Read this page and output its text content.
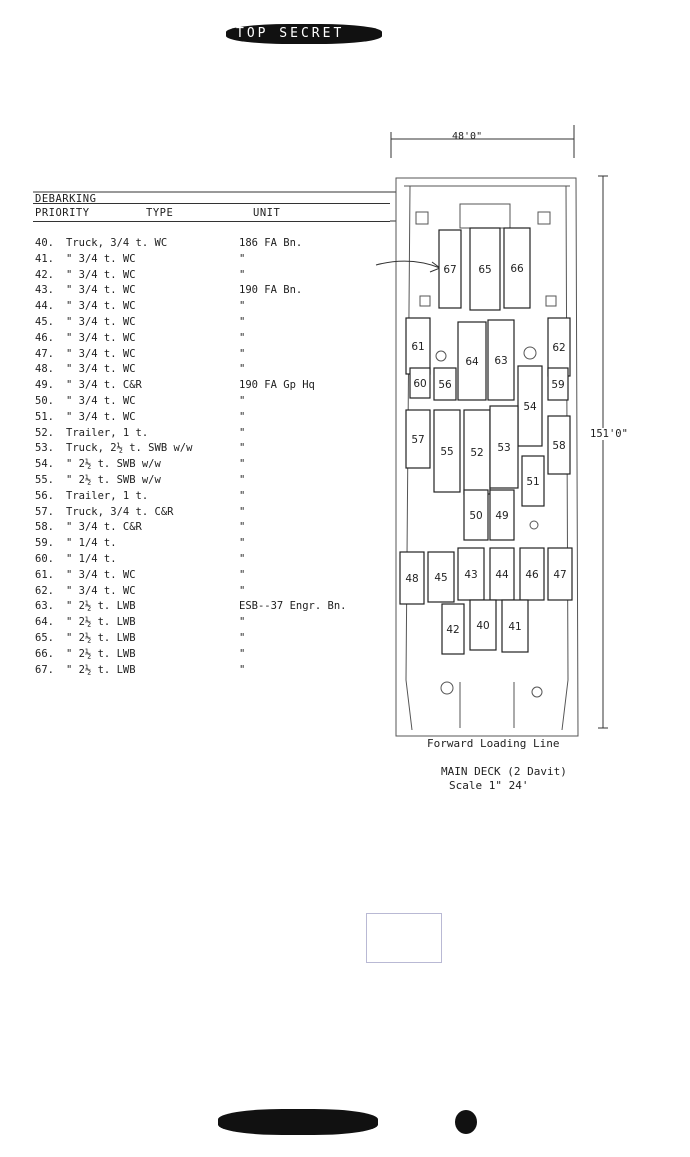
TOP SECRET
DEBARKING
PRIORITY	TYPE	UNIT
40. Truck, 3/4 t. WC	186 FA Bn.
41. " 3/4 t. WC	"
42. " 3/4 t. WC	"
43. " 3/4 t. WC	190 FA Bn.
44. " 3/4 t. WC	"
45. " 3/4 t. WC	"
46. " 3/4 t. WC	"
47. " 3/4 t. WC	"
48. " 3/4 t. WC	"
49. " 3/4 t. C&R	190 FA Gp Hq
50. " 3/4 t. WC	"
51. " 3/4 t. WC	"
52. Trailer, 1 t.	"
53. Truck, 2½ t. SWB w/w	"
54. " 2½ t. SWB w/w	"
55. " 2½ t. SWB w/w	"
56. Trailer, 1 t.	"
57. Truck, 3/4 t. C&R	"
58. " 3/4 t. C&R	"
59. " 1/4 t.	"
60. " 1/4 t.	"
61. " 3/4 t. WC	"
62. " 3/4 t. WC	"
63. " 2½ t. LWB	ESB--37 Engr. Bn.
64. " 2½ t. LWB	"
65. " 2½ t. LWB	"
66. " 2½ t. LWB	"
67. " 2½ t. LWB	"
67 65 66
61
64 63
62
60 56	59
54
57
55 52 53	58
51
50 49
48 45 43 44 46 47
42 40 41
48'0"
151'0"
Forward Loading Line
MAIN DECK (2 Davit)
Scale 1" 24'
